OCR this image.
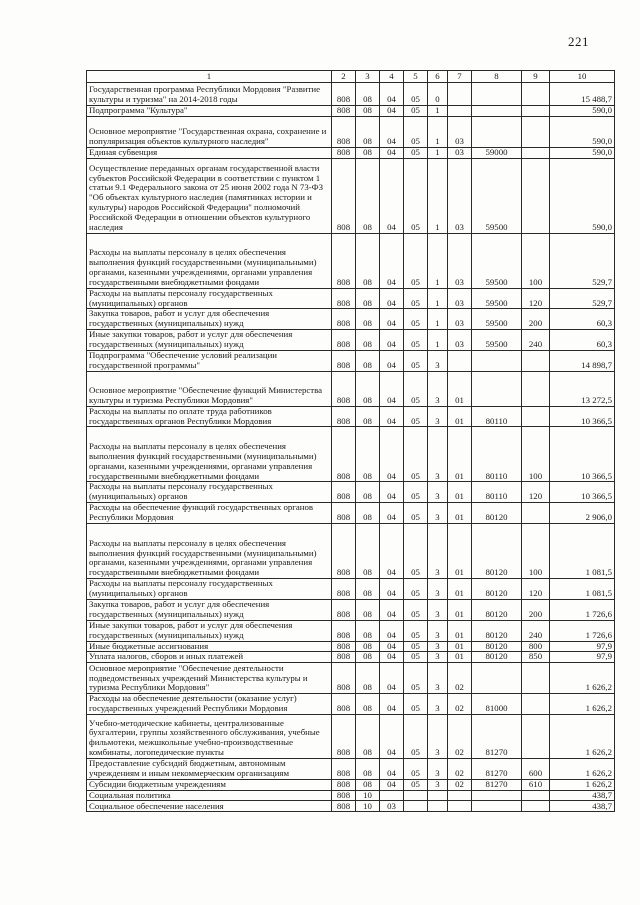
221
1	2	3	4	5	6	7	8	9	10
Государственная программа Республики Мордовия "Развитие культуры и туризма" на 2014-2018 годы	808	08	04	05	0				15 488,7
Подпрограмма "Культура"	808	08	04	05	1				590,0
Основное мероприятие "Государственная охрана, сохранение и популяризация объектов культурного наследия"	808	08	04	05	1	03			590,0
Единая субвенция	808	08	04	05	1	03	59000		590,0
Осуществление переданных органам государственной власти субъектов Российской Федерации в соответствии с пунктом 1 статьи 9.1 Федерального закона от 25 июня 2002 года N 73-ФЗ "Об объектах культурного наследия (памятниках истории и культуры) народов Российской Федерации" полномочий Российской Федерации в отношении объектов культурного наследия	808	08	04	05	1	03	59500		590,0
Расходы на выплаты персоналу в целях обеспечения выполнения функций государственными (муниципальными) органами, казенными учреждениями, органами управления государственными внебюджетными фондами	808	08	04	05	1	03	59500	100	529,7
Расходы на выплаты персоналу государственных (муниципальных) органов	808	08	04	05	1	03	59500	120	529,7
Закупка товаров, работ и услуг для обеспечения государственных (муниципальных) нужд	808	08	04	05	1	03	59500	200	60,3
Иные закупки товаров, работ и услуг для обеспечения государственных (муниципальных) нужд	808	08	04	05	1	03	59500	240	60,3
Подпрограмма "Обеспечение условий реализации государственной программы"	808	08	04	05	3				14 898,7
Основное мероприятие "Обеспечение функций Министерства культуры и туризма Республики Мордовия"	808	08	04	05	3	01			13 272,5
Расходы на выплаты по оплате труда работников государственных органов Республики Мордовия	808	08	04	05	3	01	80110		10 366,5
Расходы на выплаты персоналу в целях обеспечения выполнения функций государственными (муниципальными) органами, казенными учреждениями, органами управления государственными внебюджетными фондами	808	08	04	05	3	01	80110	100	10 366,5
Расходы на выплаты персоналу государственных (муниципальных) органов	808	08	04	05	3	01	80110	120	10 366,5
Расходы на обеспечение функций государственных органов Республики Мордовия	808	08	04	05	3	01	80120		2 906,0
Расходы на выплаты персоналу в целях обеспечения выполнения функций государственными (муниципальными) органами, казенными учреждениями, органами управления государственными внебюджетными фондами	808	08	04	05	3	01	80120	100	1 081,5
Расходы на выплаты персоналу государственных (муниципальных) органов	808	08	04	05	3	01	80120	120	1 081,5
Закупка товаров, работ и услуг для обеспечения государственных (муниципальных) нужд	808	08	04	05	3	01	80120	200	1 726,6
Иные закупки товаров, работ и услуг для обеспечения государственных (муниципальных) нужд	808	08	04	05	3	01	80120	240	1 726,6
Иные бюджетные ассигнования	808	08	04	05	3	01	80120	800	97,9
Уплата налогов, сборов и иных платежей	808	08	04	05	3	01	80120	850	97,9
Основное мероприятие "Обеспечение деятельности подведомственных учреждений Министерства культуры и туризма Республики Мордовия"	808	08	04	05	3	02			1 626,2
Расходы на обеспечение деятельности (оказание услуг) государственных учреждений Республики Мордовия	808	08	04	05	3	02	81000		1 626,2
Учебно-методические кабинеты, централизованные бухгалтерии, группы хозяйственного обслуживания, учебные фильмотеки, межшкольные учебно-производственные комбинаты, логопедические пункты	808	08	04	05	3	02	81270		1 626,2
Предоставление субсидий бюджетным, автономным учреждениям и иным некоммерческим организациям	808	08	04	05	3	02	81270	600	1 626,2
Субсидии бюджетным учреждениям	808	08	04	05	3	02	81270	610	1 626,2
Социальная политика	808	10							438,7
Социальное обеспечение населения	808	10	03						438,7
